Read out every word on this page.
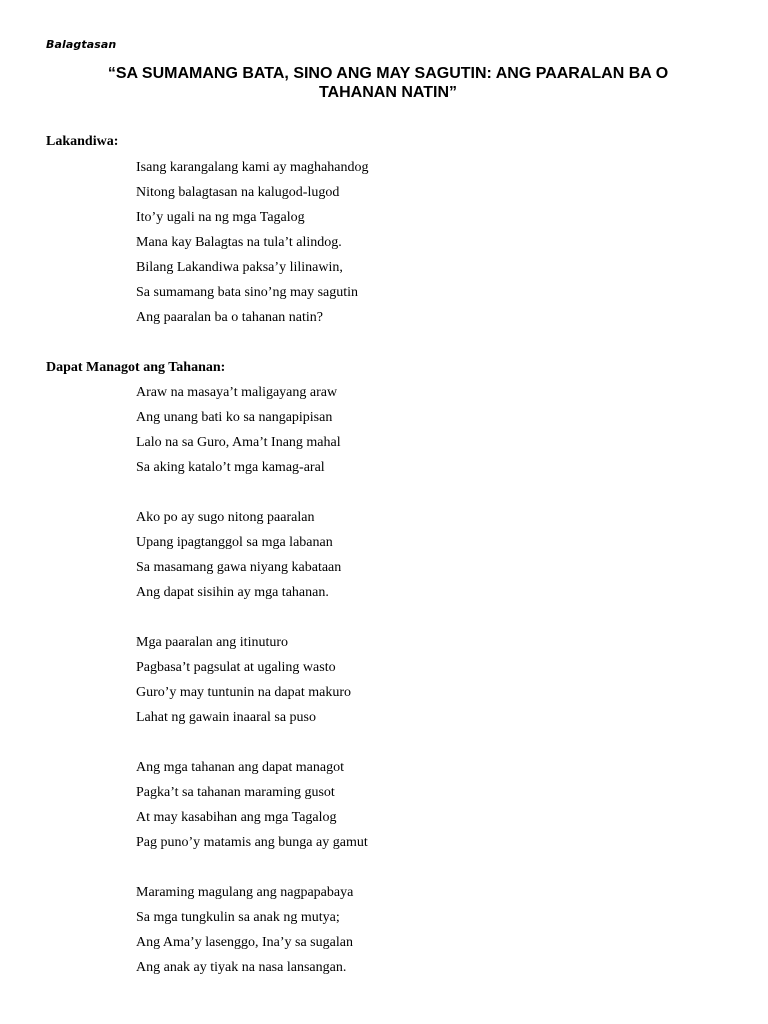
Balagtasan
“SA SUMAMANG BATA, SINO ANG MAY SAGUTIN: ANG PAARALAN BA O
TAHANAN NATIN”
Lakandiwa:
Isang karangalang kami ay maghahandog
Nitong balagtasan na kalugod-lugod
Ito’y ugali na ng mga Tagalog
Mana kay Balagtas na tula’t alindog.
Bilang Lakandiwa paksa’y lilinawin,
Sa sumamang bata sino’ng may sagutin
Ang paaralan ba o tahanan natin?
Dapat Managot ang Tahanan:
Araw na masaya’t maligayang araw
Ang unang bati ko sa nangapipisan
Lalo na sa Guro, Ama’t Inang mahal
Sa aking katalo’t mga kamag-aral
Ako po ay sugo nitong paaralan
Upang ipagtanggol sa mga labanan
Sa masamang gawa niyang kabataan
Ang dapat sisihin ay mga tahanan.
Mga paaralan ang itinuturo
Pagbasa’t pagsulat at ugaling wasto
Guro’y may tuntunin na dapat makuro
Lahat ng gawain inaaral sa puso
Ang mga tahanan ang dapat managot
Pagka’t sa tahanan maraming gusot
At may kasabihan ang mga Tagalog
Pag puno’y matamis ang bunga ay gamut
Maraming magulang ang nagpapabaya
Sa mga tungkulin sa anak ng mutya;
Ang Ama’y lasenggo, Ina’y sa sugalan
Ang anak ay tiyak na nasa lansangan.
